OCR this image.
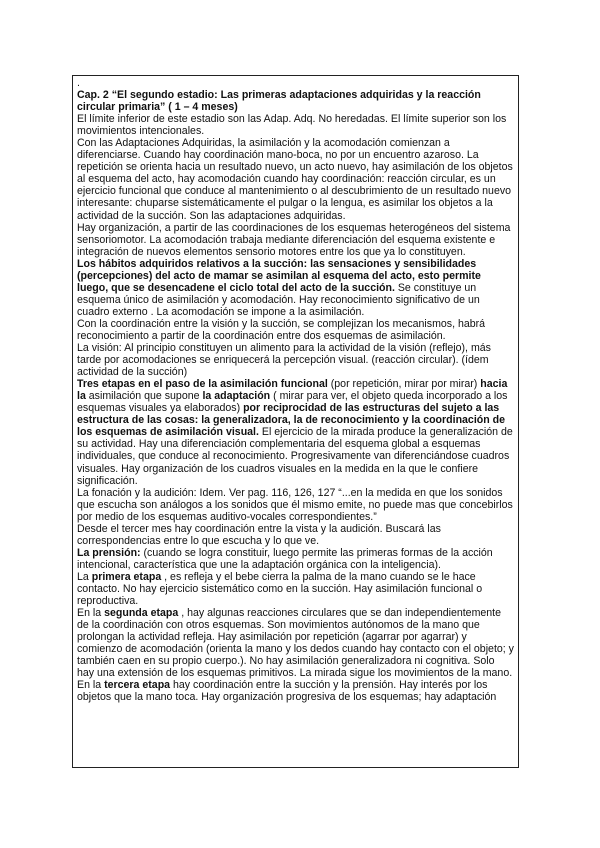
.

Cap. 2 “El segundo estadio: Las primeras adaptaciones adquiridas y la reacción circular primaria” ( 1 – 4 meses)

El límite inferior de este estadio son las Adap. Adq. No heredadas. El límite superior son los movimientos intencionales.

Con las Adaptaciones Adquiridas, la asimilación y la acomodación comienzan a diferenciarse. Cuando hay coordinación mano-boca, no por un encuentro azaroso. La repetición se orienta hacia un resultado nuevo, un acto nuevo, hay asimilación de los objetos al esquema del acto, hay acomodación cuando hay coordinación: reacción circular, es un ejercicio funcional que conduce al mantenimiento o al descubrimiento de un resultado nuevo interesante: chuparse sistemáticamente el pulgar o la lengua, es asimilar los objetos a la actividad de la succión. Son las adaptaciones adquiridas.

Hay organización, a partir de las coordinaciones de los esquemas heterogéneos del sistema sensoriomotor. La acomodación trabaja mediante diferenciación del esquema existente e integración de nuevos elementos sensorio motores entre los que ya lo constituyen.

Los hábitos adquiridos relativos a la succión: las sensaciones y sensibilidades (percepciones) del acto de mamar se asimilan al esquema del acto, esto permite luego, que se desencadene el ciclo total del acto de la succión. Se constituye un esquema único de asimilación y acomodación. Hay reconocimiento significativo de un cuadro externo . La acomodación se impone a la asimilación.

Con la coordinación entre la visión y la succión, se complejizan los mecanismos, habrá reconocimiento a partir de la coordinación entre dos esquemas de asimilación.

La visión: Al principio constituyen un alimento para la actividad de la visión (reflejo), más tarde por acomodaciones se enriquecerá la percepción visual. (reacción circular). (ídem actividad de la succión)

Tres etapas en el paso de la asimilación funcional (por repetición, mirar por mirar) hacia la asimilación que supone la adaptación ( mirar para ver, el objeto queda incorporado a los esquemas visuales ya elaborados) por reciprocidad de las estructuras del sujeto a las estructura de las cosas: la generalizadora, la de reconocimiento y la coordinación de los esquemas de asimilación visual. El ejercicio de la mirada produce la generalización de su actividad. Hay una diferenciación complementaria del esquema global a esquemas individuales, que conduce al reconocimiento. Progresivamente van diferenciándose cuadros visuales. Hay organización de los cuadros visuales en la medida en la que le confiere significación.

La fonación y la audición: Idem. Ver pag. 116, 126, 127 “...en la medida en que los sonidos que escucha son análogos a los sonidos que él mismo emite, no puede mas que concebirlos por medio de los esquemas auditivo-vocales correspondientes.”

Desde el tercer mes hay coordinación entre la vista y la audición. Buscará las correspondencias entre lo que escucha y lo que ve.

La prensión: (cuando se logra constituir, luego permite las primeras formas de la acción intencional, característica que une la adaptación orgánica con la inteligencia).

La primera etapa , es refleja y el bebe cierra la palma de la mano cuando se le hace contacto. No hay ejercicio sistemático como en la succión. Hay asimilación funcional o reproductiva.

En la segunda etapa , hay algunas reacciones circulares que se dan independientemente de la coordinación con otros esquemas. Son movimientos autónomos de la mano que prolongan la actividad refleja. Hay asimilación por repetición (agarrar por agarrar) y comienzo de acomodación (orienta la mano y los dedos cuando hay contacto con el objeto; y también caen en su propio cuerpo.). No hay asimilación generalizadora ni cognitiva. Solo hay una extensión de los esquemas primitivos. La mirada sigue los movimientos de la mano.

En la tercera etapa hay coordinación entre la succión y la prensión. Hay interés por los objetos que la mano toca. Hay organización progresiva de los esquemas; hay adaptación
